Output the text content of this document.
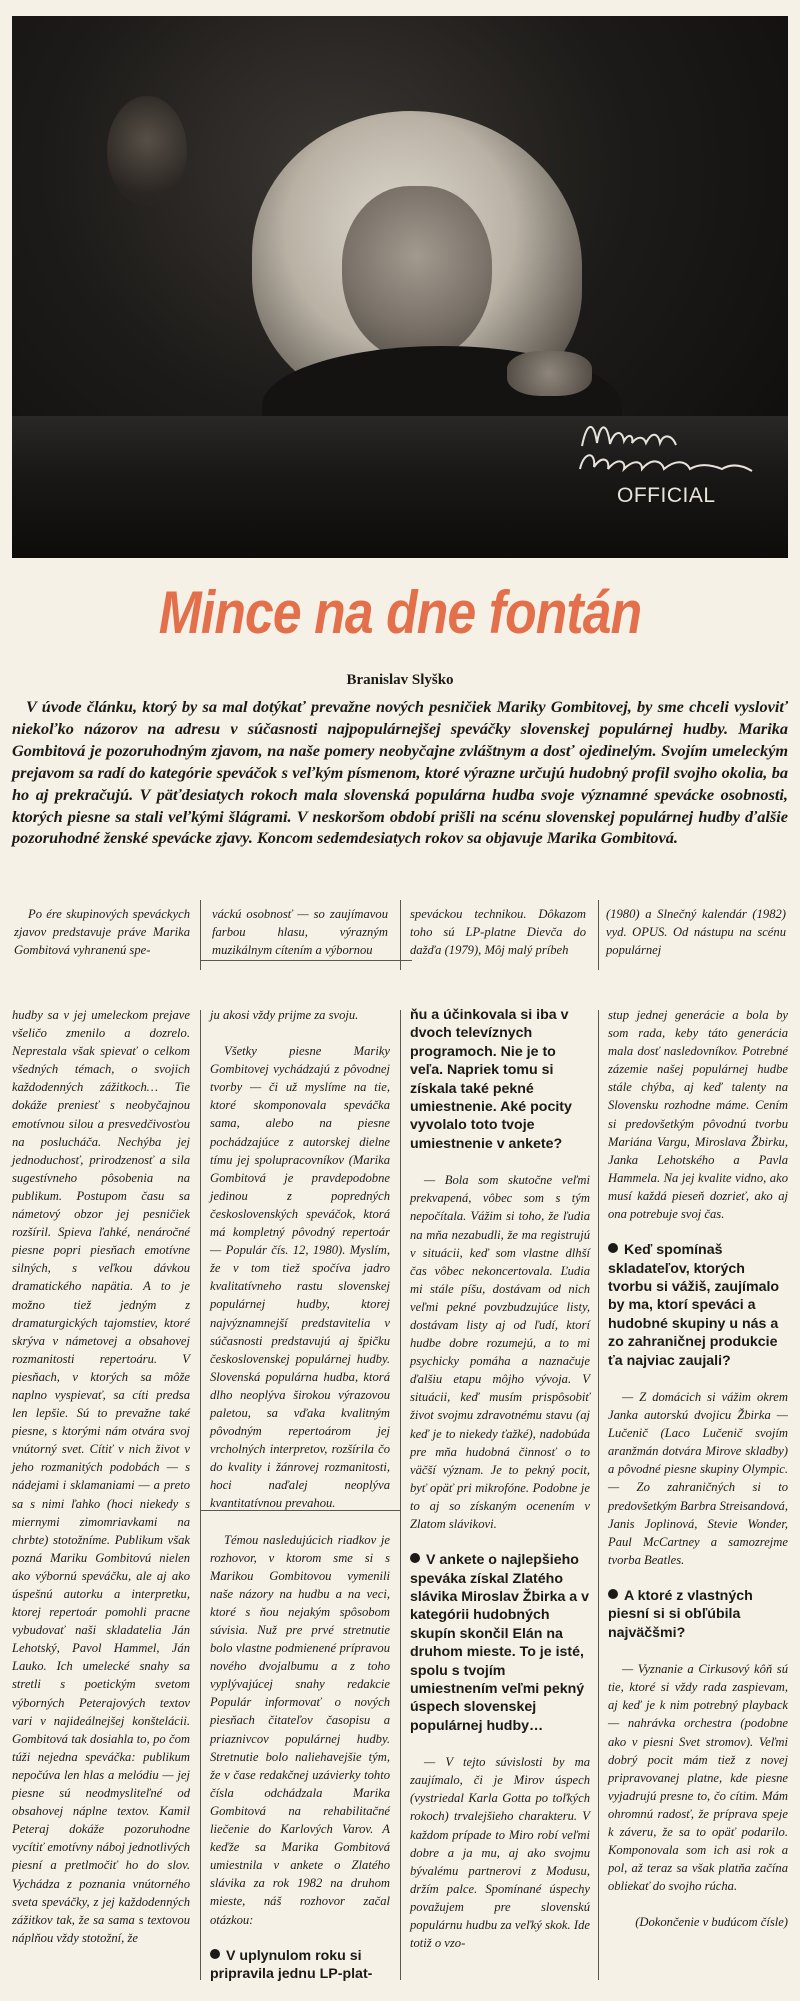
OFFICIAL
Mince na dne fontán
Branislav Slyško

V úvode článku, ktorý by sa mal dotýkať prevažne nových pesničiek Mariky Gombitovej, by sme chceli vysloviť niekoľko názorov na adresu v súčasnosti najpopulárnejšej speváčky slovenskej populárnej hudby. Marika Gombitová je pozoruhodným zjavom, na naše pomery neobyčajne zvláštnym a dosť ojedinelým. Svojím umeleckým prejavom sa radí do kategórie speváčok s veľkým písmenom, ktoré výrazne určujú hudobný profil svojho okolia, ba ho aj prekračujú. V päťdesiatych rokoch mala slovenská populárna hudba svoje významné spevácke osobnosti, ktorých piesne sa stali veľkými šlágrami. V neskoršom období prišli na scénu slovenskej populárnej hudby ďalšie pozoruhodné ženské spevácke zjavy. Koncom sedemdesiatych rokov sa objavuje Marika Gombitová.

Po ére skupinových speváckych zjavov predstavuje práve Marika Gombitová vyhranenú spe-
váckú osobnosť — so zaujímavou farbou hlasu, výrazným muzikálnym cítením a výbornou
speváckou technikou. Dôkazom toho sú LP-platne Dievča do dažďa (1979), Môj malý príbeh
(1980) a Slnečný kalendár (1982) vyd. OPUS. Od nástupu na scénu populárnej

hudby sa v jej umeleckom prejave všeličo zmenilo a dozrelo. Neprestala však spievať o celkom všedných témach, o svojich každodenných zážitkoch… Tie dokáže preniesť s neobyčajnou emotívnou silou a presvedčivosťou na poslucháča. Nechýba jej jednoduchosť, prirodzenosť a sila sugestívneho pôsobenia na publikum. Postupom času sa námetový obzor jej pesničiek rozšíril. Spieva ľahké, nenáročné piesne popri piesňach emotívne silných, s veľkou dávkou dramatického napätia. A to je možno tiež jedným z dramaturgických tajomstiev, ktoré skrýva v námetovej a obsahovej rozmanitosti repertoáru. V piesňach, v ktorých sa môže naplno vyspievať, sa cíti predsa len lepšie. Sú to prevažne také piesne, s ktorými nám otvára svoj vnútorný svet. Cítiť v nich život v jeho rozmanitých podobách — s nádejami i sklamaniami — a preto sa s nimi ľahko (hoci niekedy s miernymi zimomriavkami na chrbte) stotožníme. Publikum však pozná Mariku Gombitovú nielen ako výbornú speváčku, ale aj ako úspešnú autorku a interpretku, ktorej repertoár pomohli pracne vybudovať naši skladatelia Ján Lehotský, Pavol Hammel, Ján Lauko. Ich umelecké snahy sa stretli s poetickým svetom výborných Peterajových textov vari v najideálnejšej konštelácii. Gombitová tak dosiahla to, po čom túži nejedna speváčka: publikum nepočúva len hlas a melódiu — jej piesne sú neodmysliteľné od obsahovej náplne textov. Kamil Peteraj dokáže pozoruhodne vycítiť emotívny náboj jednotlivých piesní a pretlmočiť ho do slov. Vychádza z poznania vnútorného sveta speváčky, z jej každodenných zážitkov tak, že sa sama s textovou náplňou vždy stotožní, že

ju akosi vždy prijme za svoju.

Všetky piesne Mariky Gombitovej vychádzajú z pôvodnej tvorby — či už myslíme na tie, ktoré skomponovala speváčka sama, alebo na piesne pochádzajúce z autorskej dielne tímu jej spolupracovníkov (Marika Gombitová je pravdepodobne jedinou z popredných československých speváčok, ktorá má kompletný pôvodný repertoár — Populár čís. 12, 1980). Myslím, že v tom tiež spočíva jadro kvalitatívneho rastu slovenskej populárnej hudby, ktorej najvýznamnejší predstavitelia v súčasnosti predstavujú aj špičku československej populárnej hudby. Slovenská populárna hudba, ktorá dlho neoplýva širokou výrazovou paletou, sa vďaka kvalitným pôvodným repertoárom jej vrcholných interpretov, rozšírila čo do kvality i žánrovej rozmanitosti, hoci naďalej neoplýva kvantitatívnou prevahou.

Témou nasledujúcich riadkov je rozhovor, v ktorom sme si s Marikou Gombitovou vymenili naše názory na hudbu a na veci, ktoré s ňou nejakým spôsobom súvisia. Nuž pre prvé stretnutie bolo vlastne podmienené prípravou nového dvojalbumu a z toho vyplývajúcej snahy redakcie Populár informovať o nových piesňach čitateľov časopisu a priaznivcov populárnej hudby. Stretnutie bolo naliehavejšie tým, že v čase redakčnej uzávierky tohto čísla odchádzala Marika Gombitová na rehabilitačné liečenie do Karlových Varov. A keďže sa Marika Gombitová umiestnila v ankete o Zlatého slávika za rok 1982 na druhom mieste, náš rozhovor začal otázkou:

V uplynulom roku si pripravila jednu LP-plat-
ňu a účinkovala si iba v dvoch televíznych programoch. Nie je to veľa. Napriek tomu si získala také pekné umiestnenie. Aké pocity vyvolalo toto tvoje umiestnenie v ankete?

— Bola som skutočne veľmi prekvapená, vôbec som s tým nepočítala. Vážim si toho, že ľudia na mňa nezabudli, že ma registrujú v situácii, keď som vlastne dlhší čas vôbec nekoncertovala. Ľudia mi stále píšu, dostávam od nich veľmi pekné povzbudzujúce listy, dostávam listy aj od ľudí, ktorí hudbe dobre rozumejú, a to mi psychicky pomáha a naznačuje ďalšiu etapu môjho vývoja. V situácii, keď musím prispôsobiť život svojmu zdravotnému stavu (aj keď je to niekedy ťažké), nadobúda pre mňa hudobná činnosť o to väčší význam. Je to pekný pocit, byť opäť pri mikrofóne. Podobne je to aj so získaným ocenením v Zlatom slávikovi.

V ankete o najlepšieho speváka získal Zlatého slávika Miroslav Žbirka a v kategórii hudobných skupín skončil Elán na druhom mieste. To je isté, spolu s tvojím umiestnením veľmi pekný úspech slovenskej populárnej hudby…

— V tejto súvislosti by ma zaujímalo, či je Mirov úspech (vystriedal Karla Gotta po toľkých rokoch) trvalejšieho charakteru. V každom prípade to Miro robí veľmi dobre a ja mu, aj ako svojmu bývalému partnerovi z Modusu, držím palce. Spomínané úspechy považujem pre slovenskú populárnu hudbu za veľký skok. Ide totiž o vzo-

stup jednej generácie a bola by som rada, keby táto generácia mala dosť nasledovníkov. Potrebné zázemie našej populárnej hudbe stále chýba, aj keď talenty na Slovensku rozhodne máme. Cením si predovšetkým pôvodnú tvorbu Mariána Vargu, Miroslava Žbirku, Janka Lehotského a Pavla Hammela. Na jej kvalite vidno, ako musí každá pieseň dozrieť, ako aj ona potrebuje svoj čas.

Keď spomínaš skladateľov, ktorých tvorbu si vážiš, zaujímalo by ma, ktorí speváci a hudobné skupiny u nás a zo zahraničnej produkcie ťa najviac zaujali?

— Z domácich si vážim okrem Janka autorskú dvojicu Žbirka — Lučenič (Laco Lučenič svojím aranžmán dotvára Mirove skladby) a pôvodné piesne skupiny Olympic. — Zo zahraničných si to predovšetkým Barbra Streisandová, Janis Joplinová, Stevie Wonder, Paul McCartney a samozrejme tvorba Beatles.

A ktoré z vlastných piesní si si obľúbila najväčšmi?

— Vyznanie a Cirkusový kôň sú tie, ktoré si vždy rada zaspievam, aj keď je k nim potrebný playback — nahrávka orchestra (podobne ako v piesni Svet stromov). Veľmi dobrý pocit mám tiež z novej pripravovanej platne, kde piesne vyjadrujú presne to, čo cítim. Mám ohromnú radosť, že príprava speje k záveru, že sa to opäť podarilo. Komponovala som ich asi rok a pol, až teraz sa však platňa začína obliekať do svojho rúcha.

(Dokončenie v budúcom čísle)
